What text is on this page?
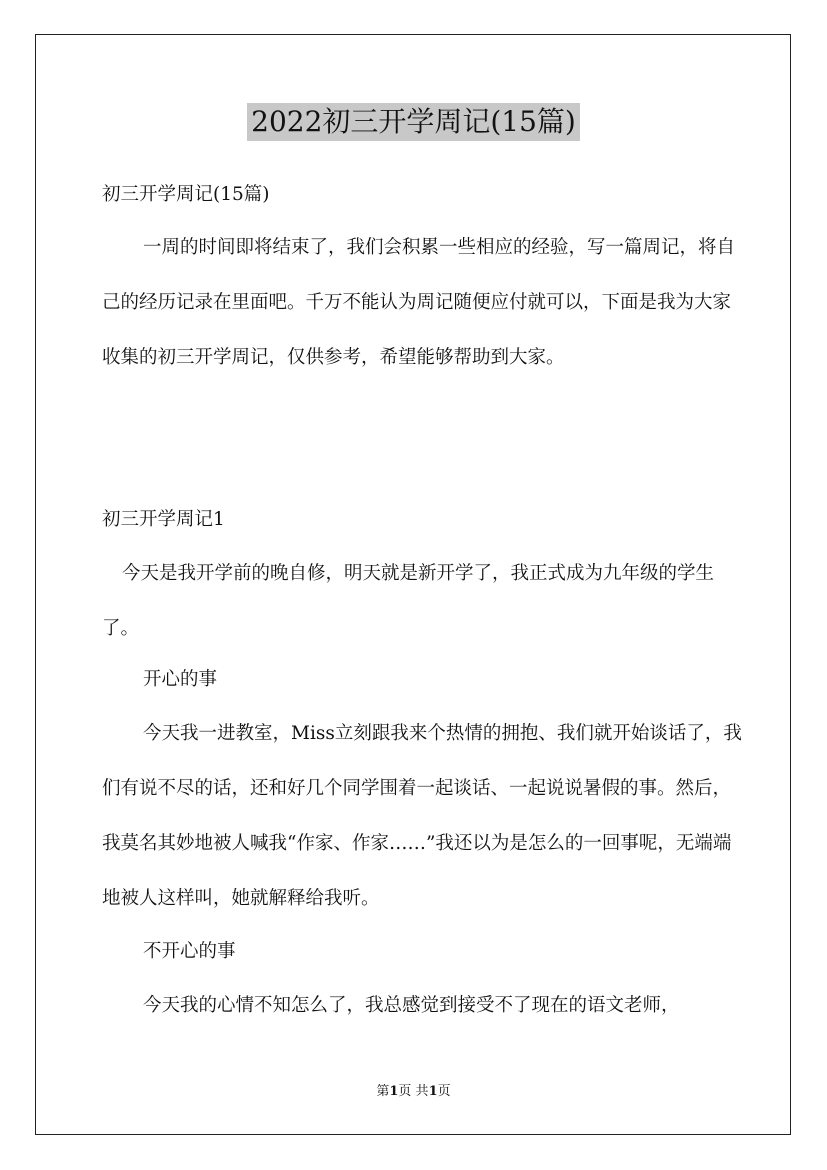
2022初三开学周记(15篇)
初三开学周记(15篇)
一周的时间即将结束了，我们会积累一些相应的经验，写一篇周记，将自己的经历记录在里面吧。千万不能认为周记随便应付就可以，下面是我为大家收集的初三开学周记，仅供参考，希望能够帮助到大家。
初三开学周记1
今天是我开学前的晚自修，明天就是新开学了，我正式成为九年级的学生了。
开心的事
今天我一进教室，Miss立刻跟我来个热情的拥抱、我们就开始谈话了，我们有说不尽的话，还和好几个同学围着一起谈话、一起说说暑假的事。然后，我莫名其妙地被人喊我“作家、作家……”我还以为是怎么的一回事呢，无端端地被人这样叫，她就解释给我听。
不开心的事
今天我的心情不知怎么了，我总感觉到接受不了现在的语文老师，
第1页 共1页
